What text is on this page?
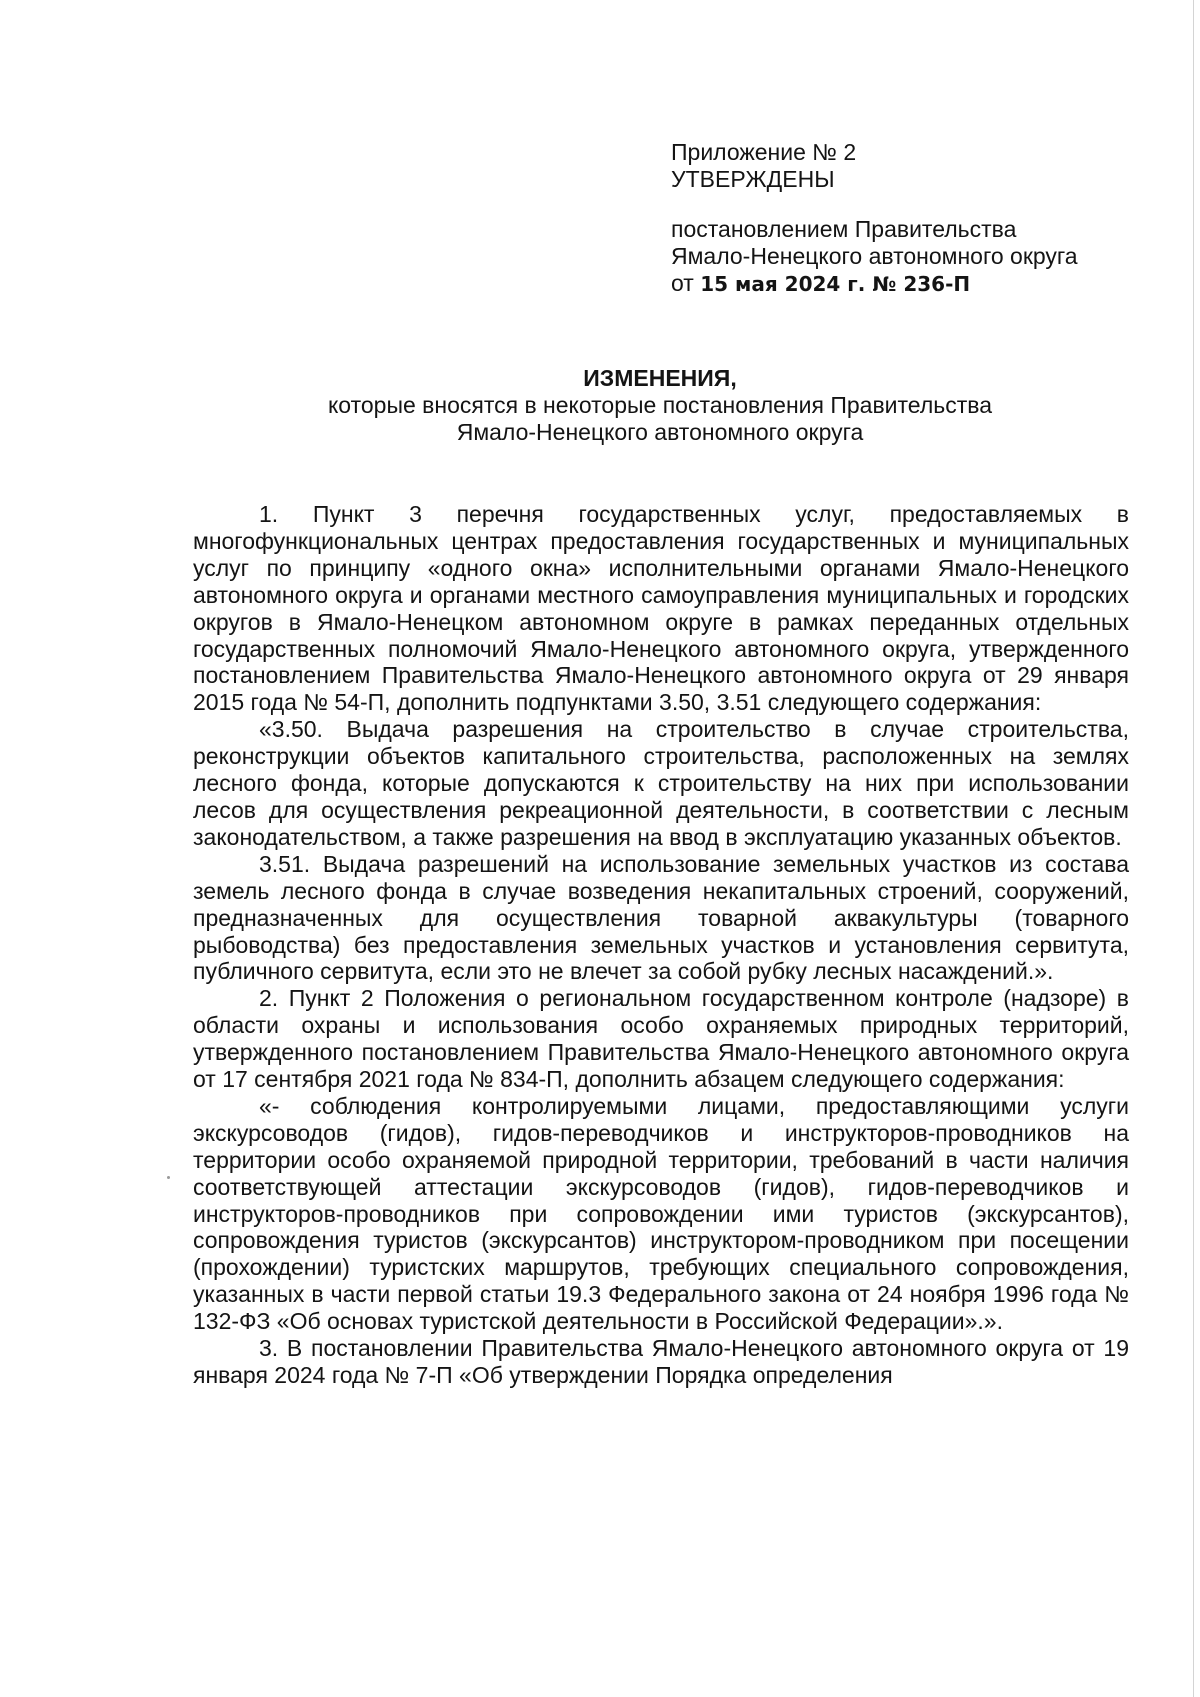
Приложение № 2
УТВЕРЖДЕНЫ
постановлением Правительства
Ямало-Ненецкого автономного округа
от 15 мая 2024 г. № 236-П
ИЗМЕНЕНИЯ,
которые вносятся в некоторые постановления Правительства
Ямало-Ненецкого автономного округа

1. Пункт 3 перечня государственных услуг, предоставляемых в многофункциональных центрах предоставления государственных и муниципальных услуг по принципу «одного окна» исполнительными органами Ямало-Ненецкого автономного округа и органами местного самоуправления муниципальных и городских округов в Ямало-Ненецком автономном округе в рамках переданных отдельных государственных полномочий Ямало-Ненецкого автономного округа, утвержденного постановлением Правительства Ямало-Ненецкого автономного округа от 29 января 2015 года № 54-П, дополнить подпунктами 3.50, 3.51 следующего содержания:

«3.50. Выдача разрешения на строительство в случае строительства, реконструкции объектов капитального строительства, расположенных на землях лесного фонда, которые допускаются к строительству на них при использовании лесов для осуществления рекреационной деятельности, в соответствии с лесным законодательством, а также разрешения на ввод в эксплуатацию указанных объектов.

3.51. Выдача разрешений на использование земельных участков из состава земель лесного фонда в случае возведения некапитальных строений, сооружений, предназначенных для осуществления товарной аквакультуры (товарного рыбоводства) без предоставления земельных участков и установления сервитута, публичного сервитута, если это не влечет за собой рубку лесных насаждений.».

2. Пункт 2 Положения о региональном государственном контроле (надзоре) в области охраны и использования особо охраняемых природных территорий, утвержденного постановлением Правительства Ямало-Ненецкого автономного округа от 17 сентября 2021 года № 834-П, дополнить абзацем следующего содержания:

«- соблюдения контролируемыми лицами, предоставляющими услуги экскурсоводов (гидов), гидов-переводчиков и инструкторов-проводников на территории особо охраняемой природной территории, требований в части наличия соответствующей аттестации экскурсоводов (гидов), гидов-переводчиков и инструкторов-проводников при сопровождении ими туристов (экскурсантов), сопровождения туристов (экскурсантов) инструктором-проводником при посещении (прохождении) туристских маршрутов, требующих специального сопровождения, указанных в части первой статьи 19.3 Федерального закона от 24 ноября 1996 года № 132-ФЗ «Об основах туристской деятельности в Российской Федерации».».

3. В постановлении Правительства Ямало-Ненецкого автономного округа от 19 января 2024 года № 7-П «Об утверждении Порядка определения
